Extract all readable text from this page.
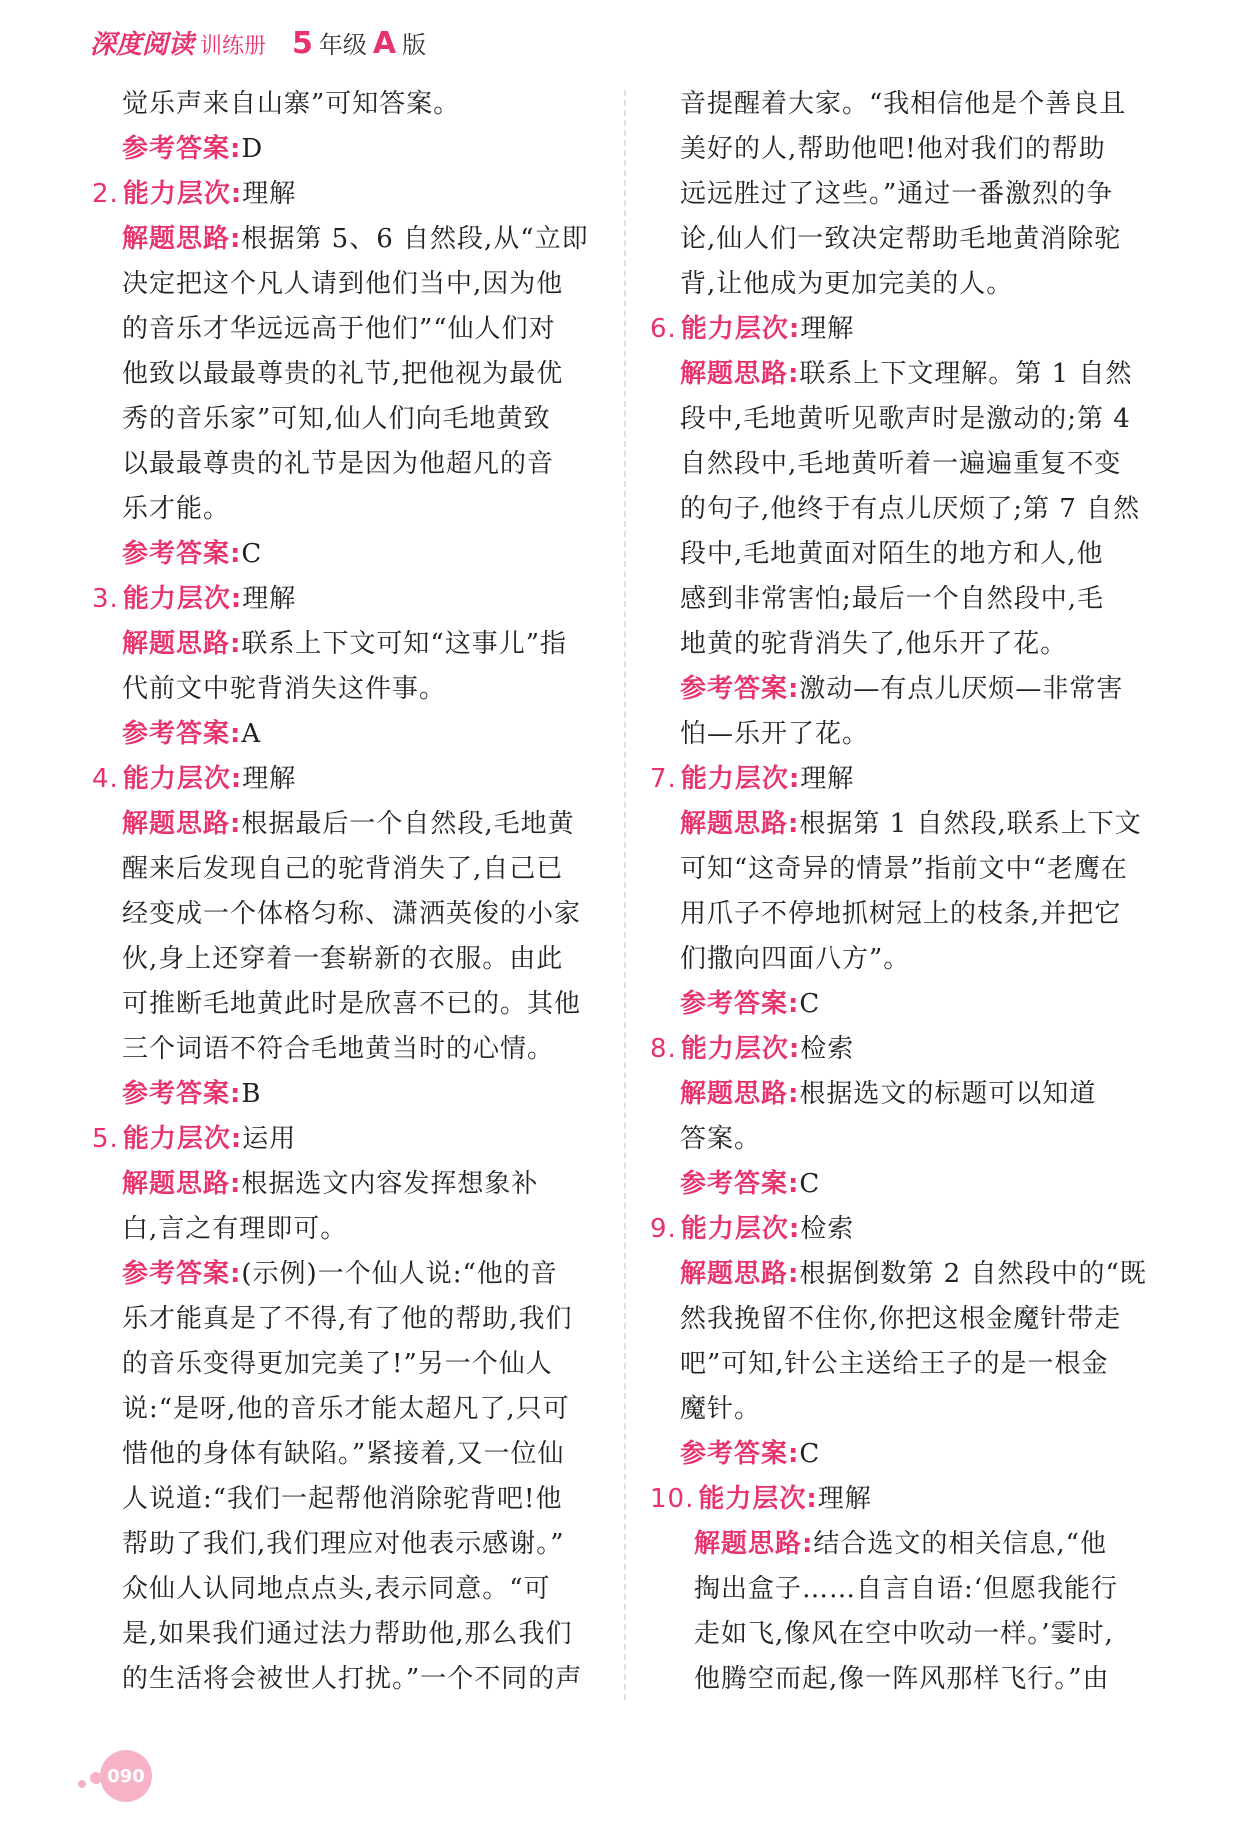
深度阅读 训练册 5 年级 A 版
觉乐声来自山寨”可知答案。
参考答案:D
2. 能力层次:理解
解题思路:根据第 5、6 自然段,从“立即
决定把这个凡人请到他们当中,因为他
的音乐才华远远高于他们”“仙人们对
他致以最最尊贵的礼节,把他视为最优
秀的音乐家”可知,仙人们向毛地黄致
以最最尊贵的礼节是因为他超凡的音
乐才能。
参考答案:C
3. 能力层次:理解
解题思路:联系上下文可知“这事儿”指
代前文中驼背消失这件事。
参考答案:A
4. 能力层次:理解
解题思路:根据最后一个自然段,毛地黄
醒来后发现自己的驼背消失了,自己已
经变成一个体格匀称、潇洒英俊的小家
伙,身上还穿着一套崭新的衣服。由此
可推断毛地黄此时是欣喜不已的。其他
三个词语不符合毛地黄当时的心情。
参考答案:B
5. 能力层次:运用
解题思路:根据选文内容发挥想象补
白,言之有理即可。
参考答案:(示例)一个仙人说:“他的音
乐才能真是了不得,有了他的帮助,我们
的音乐变得更加完美了!”另一个仙人
说:“是呀,他的音乐才能太超凡了,只可
惜他的身体有缺陷。”紧接着,又一位仙
人说道:“我们一起帮他消除驼背吧!他
帮助了我们,我们理应对他表示感谢。”
众仙人认同地点点头,表示同意。“可
是,如果我们通过法力帮助他,那么我们
的生活将会被世人打扰。”一个不同的声
音提醒着大家。“我相信他是个善良且
美好的人,帮助他吧!他对我们的帮助
远远胜过了这些。”通过一番激烈的争
论,仙人们一致决定帮助毛地黄消除驼
背,让他成为更加完美的人。
6. 能力层次:理解
解题思路:联系上下文理解。第 1 自然
段中,毛地黄听见歌声时是激动的;第 4
自然段中,毛地黄听着一遍遍重复不变
的句子,他终于有点儿厌烦了;第 7 自然
段中,毛地黄面对陌生的地方和人,他
感到非常害怕;最后一个自然段中,毛
地黄的驼背消失了,他乐开了花。
参考答案:激动—有点儿厌烦—非常害
怕—乐开了花。
7. 能力层次:理解
解题思路:根据第 1 自然段,联系上下文
可知“这奇异的情景”指前文中“老鹰在
用爪子不停地抓树冠上的枝条,并把它
们撒向四面八方”。
参考答案:C
8. 能力层次:检索
解题思路:根据选文的标题可以知道
答案。
参考答案:C
9. 能力层次:检索
解题思路:根据倒数第 2 自然段中的“既
然我挽留不住你,你把这根金魔针带走
吧”可知,针公主送给王子的是一根金
魔针。
参考答案:C
10. 能力层次:理解
解题思路:结合选文的相关信息,“他
掏出盒子……自言自语:‘但愿我能行
走如飞,像风在空中吹动一样。’霎时,
他腾空而起,像一阵风那样飞行。”由
090
